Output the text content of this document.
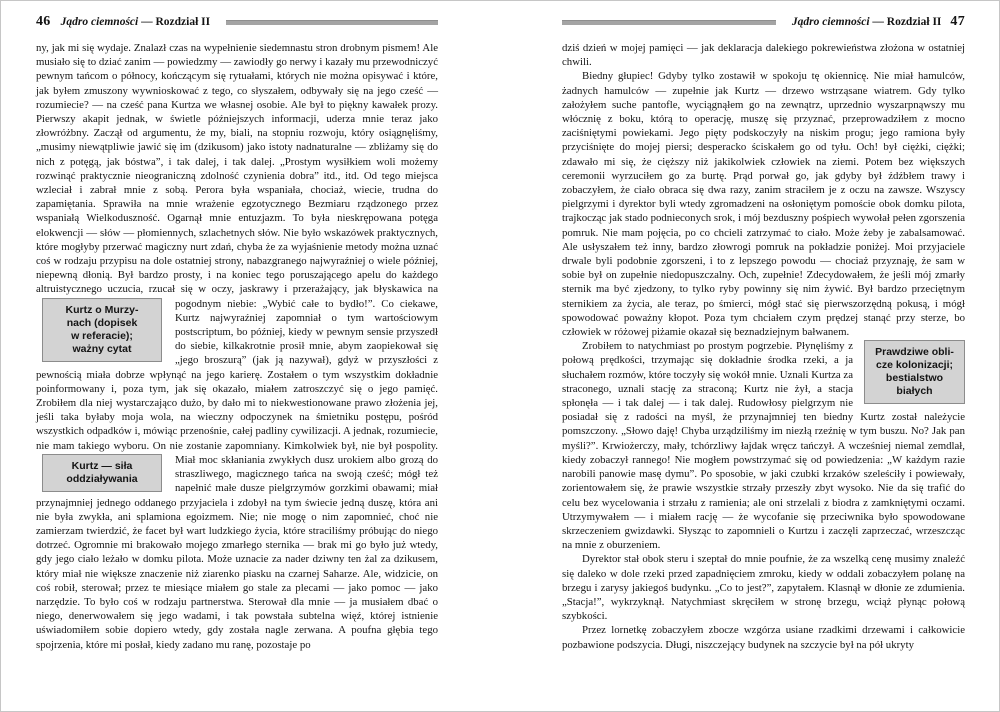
46 Jądro ciemności — Rozdział II

ny, jak mi się wydaje. Znalazł czas na wypełnienie siedemnastu stron drobnym pismem! Ale musiało się to dziać zanim — powiedzmy — zawiodły go nerwy i kazały mu przewodniczyć pewnym tańcom o północy, kończącym się rytuałami, których nie można opisywać i które, jak byłem zmuszony wywnioskować z tego, co słyszałem, odbywały się na jego cześć — rozumiecie? — na cześć pana Kurtza we własnej osobie. Ale był to piękny kawałek prozy. Pierwszy akapit jednak, w świetle późniejszych informacji, uderza mnie teraz jako złowróżbny. Zaczął od argumentu, że my, biali, na stopniu rozwoju, który osiągnęliśmy, „musimy niewątpliwie jawić się im (dzikusom) jako istoty nadnaturalne — zbliżamy się do nich z potęgą, jak bóstwa”, i tak dalej, i tak dalej. „Prostym wysiłkiem woli możemy rozwinąć praktycznie nieograniczną zdolność czynienia dobra” itd., itd. Od tego miejsca wzleciał i zabrał mnie z sobą. Perora była wspaniała, chociaż, wiecie, trudna do zapamiętania. Sprawiła na mnie wrażenie egzotycznego Bezmiaru rządzonego przez wspaniałą Wielkoduszność. Ogarnął mnie entuzjazm. To była nieskrępowana potęga elokwencji — słów — płomiennych, szlachetnych słów. Nie było wskazówek praktycznych, które mogłyby przerwać magiczny nurt zdań, chyba że za wyjaśnienie metody można uznać coś w rodzaju przypisu na dole ostatniej strony, nabazgranego najwyraźniej o wiele później, niepewną dłonią. Był bardzo prosty, i na koniec tego poruszającego apelu do każdego altruistycznego uczucia, rzucał się w oczy, jaskrawy i przerażający, jak błyskawica na
Kurtz o Murzy-
nach (dopisek
w referacie);
ważny cytat
pogodnym niebie: „Wybić całe to bydło!”. Co ciekawe, Kurtz najwyraźniej zapomniał o tym wartościowym postscriptum, bo później, kiedy w pewnym sensie przyszedł do siebie, kilkakrotnie prosił mnie, abym zaopiekował się „jego broszurą” (jak ją nazywał), gdyż w przyszłości z pewnością miała dobrze wpłynąć na jego karierę. Zostałem o tym wszystkim dokładnie poinformowany i, poza tym, jak się okazało, miałem zatroszczyć się o jego pamięć. Zrobiłem dla niej wystarczająco dużo, by dało mi to niekwestionowane prawo złożenia jej, jeśli taka byłaby moja wola, na wieczny odpoczynek na śmietniku postępu, pośród wszystkich odpadków i, mówiąc przenośnie, całej padliny cywilizacji. A jednak, rozumiecie, nie mam takiego wyboru. On nie zostanie zapomniany. Kimkolwiek był, nie był pospolity. Miał
Kurtz — siła
oddziaływania
moc skłaniania zwykłych dusz urokiem albo grozą do straszliwego, magicznego tańca na swoją cześć; mógł też napełnić małe dusze pielgrzymów gorzkimi obawami; miał przynajmniej jednego oddanego przyjaciela i zdobył na tym świecie jedną duszę, która ani nie była zwykła, ani splamiona egoizmem. Nie; nie mogę o nim zapomnieć, choć nie zamierzam twierdzić, że facet był wart ludzkiego życia, które straciliśmy próbując do niego dotrzeć. Ogromnie mi brakowało mojego zmarłego sternika — brak mi go było już wtedy, gdy jego ciało leżało w domku pilota. Może uznacie za nader dziwny ten żal za dzikusem, który miał nie większe znaczenie niż ziarenko piasku na czarnej Saharze. Ale, widzicie, on coś robił, sterował; przez te miesiące miałem go stale za plecami — jako pomoc — jako narzędzie. To było coś w rodzaju partnerstwa. Sterował dla mnie — ja musiałem dbać o niego, denerwowałem się jego wadami, i tak powstała subtelna więź, której istnienie uświadomiłem sobie dopiero wtedy, gdy została nagle zerwana. A poufna głębia tego spojrzenia, które mi posłał, kiedy zadano mu ranę, pozostaje po

Jądro ciemności — Rozdział II 47

dziś dzień w mojej pamięci — jak deklaracja dalekiego pokrewieństwa złożona w ostatniej chwili.

Biedny głupiec! Gdyby tylko zostawił w spokoju tę okiennicę. Nie miał hamulców, żadnych hamulców — zupełnie jak Kurtz — drzewo wstrząsane wiatrem. Gdy tylko założyłem suche pantofle, wyciągnąłem go na zewnątrz, uprzednio wyszarpnąwszy mu włócznię z boku, którą to operację, muszę się przyznać, przeprowadziłem z mocno zaciśniętymi powiekami. Jego pięty podskoczyły na niskim progu; jego ramiona były przyciśnięte do mojej piersi; desperacko ściskałem go od tyłu. Och! był ciężki, ciężki; zdawało mi się, że cięższy niż jakikolwiek człowiek na ziemi. Potem bez większych ceremonii wyrzuciłem go za burtę. Prąd porwał go, jak gdyby był źdźbłem trawy i zobaczyłem, że ciało obraca się dwa razy, zanim straciłem je z oczu na zawsze. Wszyscy pielgrzymi i dyrektor byli wtedy zgromadzeni na osłoniętym pomoście obok domku pilota, trajkocząc jak stado podnieconych srok, i mój bezduszny pośpiech wywołał pełen zgorszenia pomruk. Nie mam pojęcia, po co chcieli zatrzymać to ciało. Może żeby je zabalsamować. Ale usłyszałem też inny, bardzo złowrogi pomruk na pokładzie poniżej. Moi przyjaciele drwale byli podobnie zgorszeni, i to z lepszego powodu — chociaż przyznaję, że sam w sobie był on zupełnie niedopuszczalny. Och, zupełnie! Zdecydowałem, że jeśli mój zmarły sternik ma być zjedzony, to tylko ryby powinny się nim żywić. Był bardzo przeciętnym sternikiem za życia, ale teraz, po śmierci, mógł stać się pierwszorzędną pokusą, i mógł spowodować poważny kłopot. Poza tym chciałem czym prędzej stanąć przy sterze, bo człowiek w różowej piżamie okazał się beznadziejnym bałwanem.

Prawdziwe obli-
cze kolonizacji;
bestialstwo
białych
Zrobiłem to natychmiast po prostym pogrzebie. Płynęliśmy z połową prędkości, trzymając się dokładnie środka rzeki, a ja słuchałem rozmów, które toczyły się wokół mnie. Uznali Kurtza za straconego, uznali stację za straconą; Kurtz nie żył, a stacja spłonęła — i tak dalej — i tak dalej. Rudowłosy pielgrzym nie posiadał się z radości na myśl, że przynajmniej ten biedny Kurtz został należycie pomszczony. „Słowo daję! Chyba urządziliśmy im niezłą rzeźnię w tym buszu. No? Jak pan myśli?”. Krwiożerczy, mały, tchórzliwy łajdak wręcz tańczył. A wcześniej niemal zemdlał, kiedy zobaczył rannego! Nie mogłem powstrzymać się od powiedzenia: „W każdym razie narobili panowie masę dymu”. Po sposobie, w jaki czubki krzaków szeleściły i powiewały, zorientowałem się, że prawie wszystkie strzały przeszły zbyt wysoko. Nie da się trafić do celu bez wycelowania i strzału z ramienia; ale oni strzelali z biodra z zamkniętymi oczami. Utrzymywałem — i miałem rację — że wycofanie się przeciwnika było spowodowane skrzeczeniem gwizdawki. Słysząc to zapomnieli o Kurtzu i zaczęli zaprzeczać, wrzeszcząc na mnie z oburzeniem.

Dyrektor stał obok steru i szeptał do mnie poufnie, że za wszelką cenę musimy znaleźć się daleko w dole rzeki przed zapadnięciem zmroku, kiedy w oddali zobaczyłem polanę na brzegu i zarysy jakiegoś budynku. „Co to jest?”, zapytałem. Klasnął w dłonie ze zdumienia. „Stacja!”, wykrzyknął. Natychmiast skręciłem w stronę brzegu, wciąż płynąc połową szybkości.

Przez lornetkę zobaczyłem zbocze wzgórza usiane rzadkimi drzewami i całkowicie pozbawione podszycia. Długi, niszczejący budynek na szczycie był na pół ukryty
